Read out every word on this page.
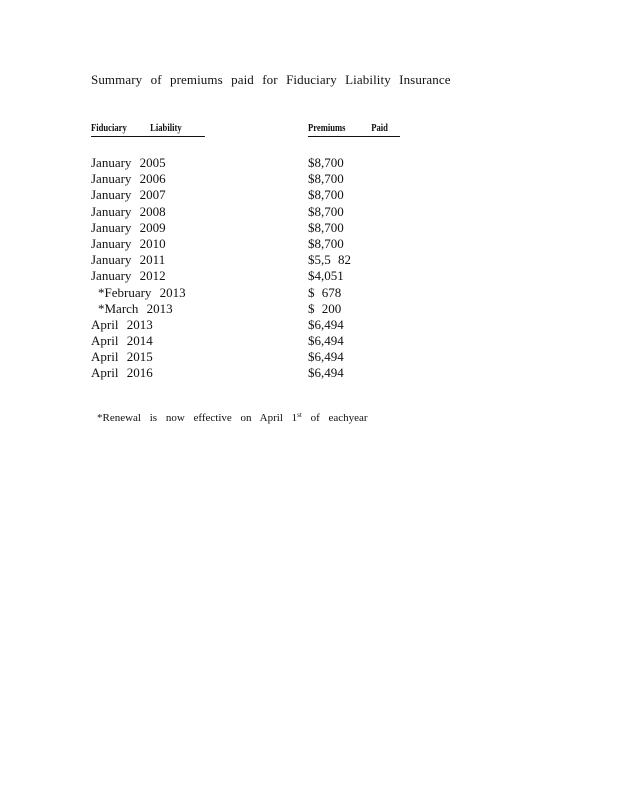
Summary of premiums paid for Fiduciary Liability Insurance
Fiduciary Liability	Premiums Paid
January 2005	$8,700
January 2006	$8,700
January 2007	$8,700
January 2008	$8,700
January 2009	$8,700
January 2010	$8,700
January 2011	$5,5 82
January 2012	$4,051
*February 2013	$ 678
*March 2013	$ 200
April 2013	$6,494
April 2014	$6,494
April 2015	$6,494
April 2016	$6,494
*Renewal is now effective on April 1st of eachyear
